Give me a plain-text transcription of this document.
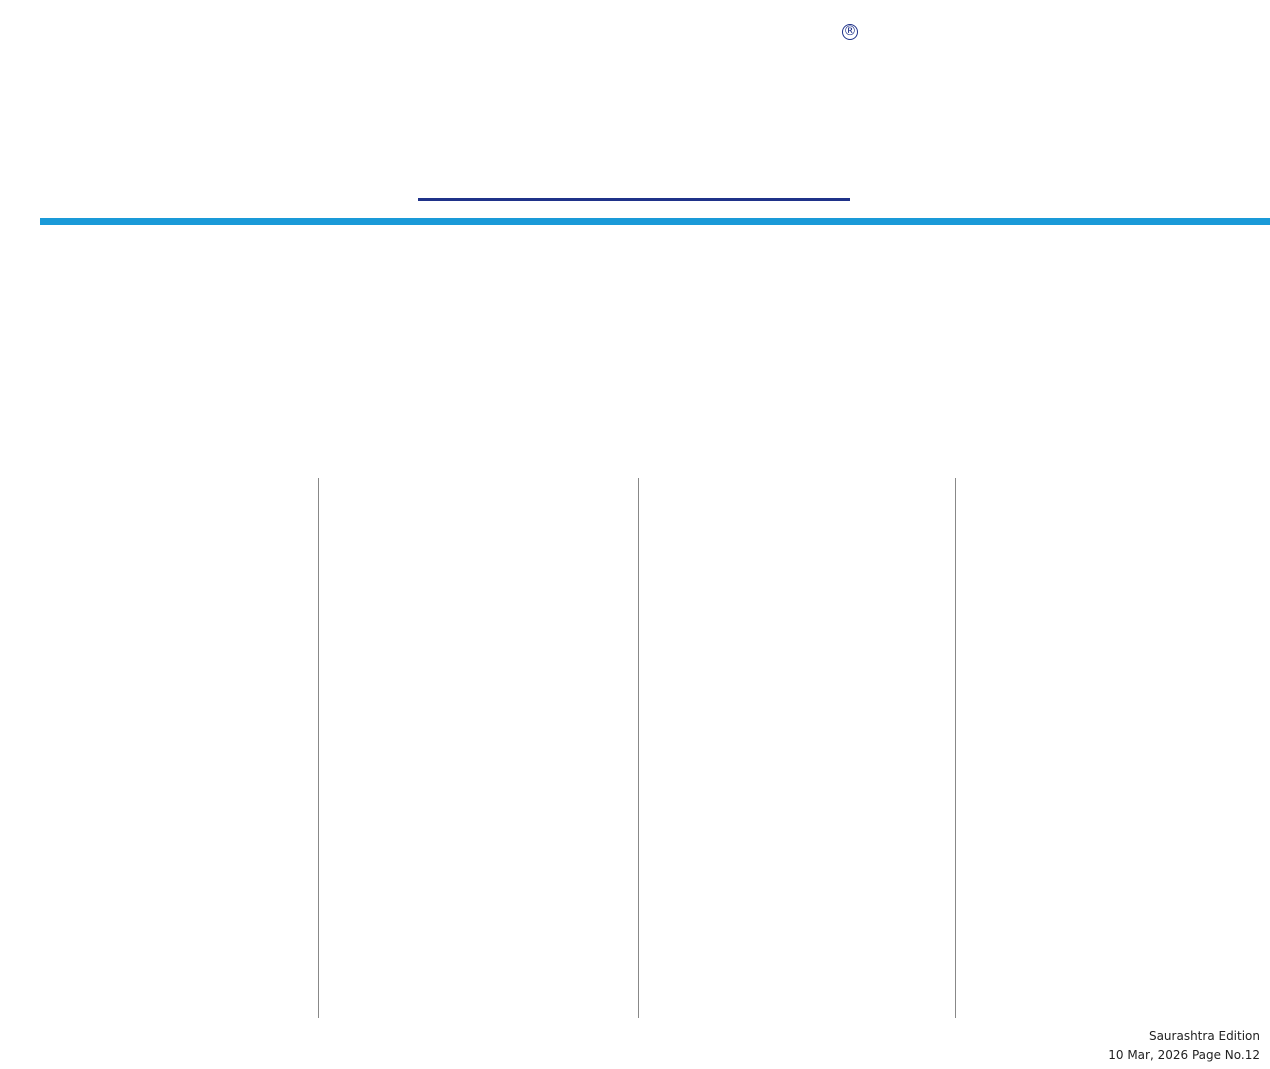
®
Saurashtra Edition
10 Mar, 2026 Page No.12
